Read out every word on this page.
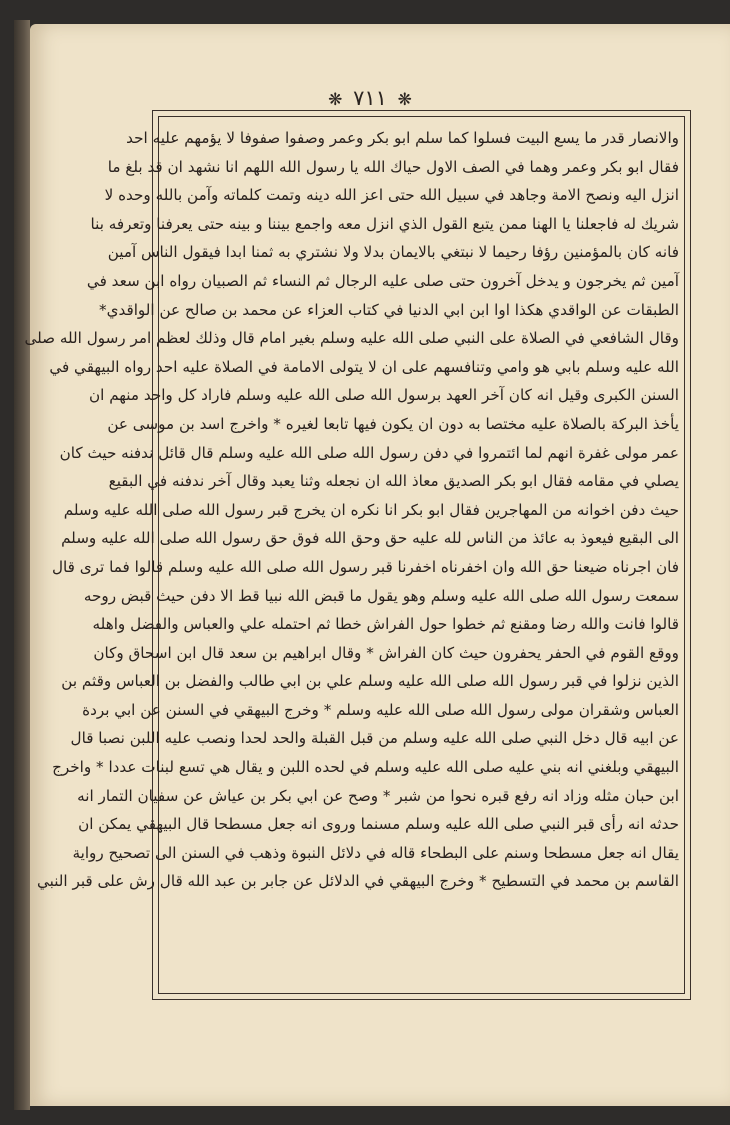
❋ ٧١١ ❋
والانصار قدر ما يسع البيت فسلوا كما سلم ابو بكر وعمر وصفوا صفوفا لا يؤمهم عليه احد
فقال ابو بكر وعمر وهما في الصف الاول حياك الله يا رسول الله اللهم انا نشهد ان قد بلغ ما
انزل اليه ونصح الامة وجاهد في سبيل الله حتى اعز الله دينه وتمت كلماته وآمن بالله وحده لا
شريك له فاجعلنا يا الهنا ممن يتبع القول الذي انزل معه واجمع بيننا و بينه حتى يعرفنا وتعرفه بنا
فانه كان بالمؤمنين رؤفا رحيما لا نبتغي بالايمان بدلا ولا نشتري به ثمنا ابدا فيقول الناس آمين
آمين ثم يخرجون و يدخل آخرون حتى صلى عليه الرجال ثم النساء ثم الصبيان رواه ابن سعد في
الطبقات عن الواقدي هكذا اوا ابن ابي الدنيا في كتاب العزاء عن محمد بن صالح عن الواقدي*
وقال الشافعي في الصلاة على النبي صلى الله عليه وسلم بغير امام قال وذلك لعظم امر رسول الله صلى
الله عليه وسلم بابي هو وامي وتنافسهم على ان لا يتولى الامامة في الصلاة عليه احد رواه البيهقي في
السنن الكبرى وقيل انه كان آخر العهد برسول الله صلى الله عليه وسلم فاراد كل واحد منهم ان
يأخذ البركة بالصلاة عليه مختصا به دون ان يكون فيها تابعا لغيره * واخرج اسد بن موسى عن
عمر مولى غفرة انهم لما ائتمروا في دفن رسول الله صلى الله عليه وسلم قال قائل ندفنه حيث كان
يصلي في مقامه فقال ابو بكر الصديق معاذ الله ان نجعله وثنا يعبد وقال آخر ندفنه في البقيع
حيث دفن اخوانه من المهاجرين فقال ابو بكر انا نكره ان يخرج قبر رسول الله صلى الله عليه وسلم
الى البقيع فيعوذ به عائذ من الناس لله عليه حق وحق الله فوق حق رسول الله صلى الله عليه وسلم
فان اجرناه ضيعنا حق الله وان اخفرناه اخفرنا قبر رسول الله صلى الله عليه وسلم قالوا فما ترى قال
سمعت رسول الله صلى الله عليه وسلم وهو يقول ما قبض الله نبيا قط الا دفن حيث قبض روحه
قالوا فانت والله رضا ومقنع ثم خطوا حول الفراش خطا ثم احتمله علي والعباس والفضل واهله
ووقع القوم في الحفر يحفرون حيث كان الفراش * وقال ابراهيم بن سعد قال ابن اسحاق وكان
الذين نزلوا في قبر رسول الله صلى الله عليه وسلم علي بن ابي طالب والفضل بن العباس وقثم بن
العباس وشقران مولى رسول الله صلى الله عليه وسلم * وخرج البيهقي في السنن عن ابي بردة
عن ابيه قال دخل النبي صلى الله عليه وسلم من قبل القبلة والحد لحدا ونصب عليه اللبن نصبا قال
البيهقي وبلغني انه بني عليه صلى الله عليه وسلم في لحده اللبن و يقال هي تسع لبنات عددا * واخرج
ابن حبان مثله وزاد انه رفع قبره نحوا من شبر * وصح عن ابي بكر بن عياش عن سفيان التمار انه
حدثه انه رأى قبر النبي صلى الله عليه وسلم مسنما وروى انه جعل مسطحا قال البيهقي يمكن ان
يقال انه جعل مسطحا وسنم على البطحاء قاله في دلائل النبوة وذهب في السنن الى تصحيح رواية
القاسم بن محمد في التسطيح * وخرج البيهقي في الدلائل عن جابر بن عبد الله قال رش على قبر النبي
